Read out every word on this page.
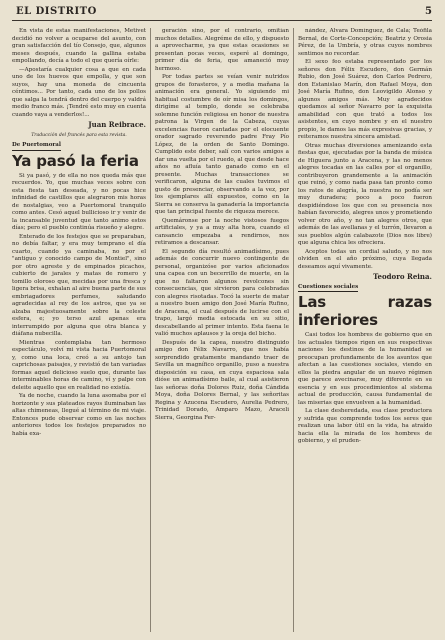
EL DISTRITO	5

En vista de estas manifestaciones, Metivet decidió no volver a ocuparse del asunto, con gran satisfacción del tío Consejo, que, algunos meses después, cuando la gallina estaba empollando, decía a todo el que quería oírle:

—Apostaría cualquier cosa a que en cada uno de los huevos que empolla, y que son suyos, hay una moneda de cincuenta céntimos... Por tanto, cada uno de los pollos que salga la tendrá dentro del cuerpo y valdrá medio franco más. ¡Tendré esto muy en cuenta cuando vaya a venderlos!...

Juan Reibrace.
Traducción del francés para esta revista.
De Puertomoral
Ya pasó la feria

Si ya pasó, y de ella no nos queda más que recuerdos. Yo, que muchas veces sobre con esta fiesta tan deseada, y no pocas hice infinidad de castillos que alegraron mis horas de nostalgias, veo a Puertomoral tranquilo como antes. Cesó aquel bullicioso ir y venir de la incansable juventud que tanto animo estos días; pero el pueblo continúa risueño y alegre.

Enterado de los festejos que se preparaban, no debía faltar, y era muy temprano el día cuarto, cuando ya caminaba, no por el "antiguo y conocido campo de Montiel", sino por otro agreste y de empinados picachos, cubierto de jarales y matas de romero y tomillo oloroso que, mecidas por una fresca y ligera brisa, exhalan al aire buena parte de sus embriagadores perfumes, saludando agradecidas al rey de los astros, que ya se alzaba majestuosamente sobre la celeste esfera, e; yo terso azul apenas era interrumpido por alguna que otra blanca y diáfana nubecilla.

Mientras contemplaba tan hermoso espectáculo, volví mi vista hacia Puertomoral y, como una loca, creó a su antojo tan caprichosas paisajes, y revistió de tan variadas formas aquel delicioso suelo que, durante las interminables horas de camino, ví y palpe con deleite aquello que en realidad no existía.

Ya de noche, cuando la luna asomaba por el horizonte y sus plateados rayos iluminaban las altas chimeneas, llegué al término de mi viaje. Entonces pude observar como en las noches anteriores todos los festejos preparados no había exa-

geración sino, por el contrario, omitían muchos detalles. Alegréme de ello, y dispuesto a aprovecharme, ya que estas ocasiones se presentan pocas veces, esperé al domingo, primer día de feria, que amaneció muy hermoso.

Por todas partes se veían venir nutridos grupos de forasteros, y a media mañana la animación era general. Yo siguiendo mi habitual costumbre de oír misa los domingos, dirigíme al templo, donde se celebraba solemne función religiosa en honor de nuestra patrona la Virgen de la Cabeza, cuyas excelencias fueron cantadas por el elocuente orador sagrado reverendo padre Fray Pío López, de la orden de Santo Domingo. Cumplido este deber, salí con varios amigos a dar una vuelta por el ruedo, al que desde hace años no afluía tanto ganado como en el presente. Muchas transacciones se verificaron, alguna de las cuales tuvimos el gusto de presenciar, observando a la vez, por los ejemplares allí expuestos, como en la Sierra se conserva la ganadería la importancia que tan principal fuente de riqueza merece.

Quemáronse por la noche vistosos fuegos artificiales, y ya a muy alta hora, cuando el cansancio empezaba a rendirnos, nos retiramos a descansar.

El segundo día resultó animadísimo, pues además de concurrir nuevo contingente de personal, organizóse por varios aficionados una capea con un becerrillo de muerte, en la que no faltaron algunos revolcones sin consecuencias, que sirvieron para celebradas con alegres risotadas. Tocó la suerte de matar a nuestro buen amigo don José María Rufino, de Aracena, el cual después de lucirse con el trapo, largó media estocada en su sitio, descabellando al primer intento. Esta faena le valió muchos aplausos y la oreja del bicho.

Después de la capea, nuestro distinguido amigo don Félix Navarro, que nos había sorprendido gratamente mandando traer de Sevilla un magnífico organillo, puso a nuestra disposición su casa, en cuya espaciosa sala dióse un animadísimo baile, al cual asistieron las señoras doña Dolores Ruiz, doña Cándida Moya, doña Dolores Bernal, y las señoritas Regina y Azucena Escudero, Aurelia Pedrero, Trinidad Dorado, Amparo Mazo, Araceli Sierra, Georgina Fer-

nández, Alvara Domínguez, de Cala; Teófila Bernal, de Corte-Concepción; Beatriz y Orosia Pérez, de la Umbría, y otras cuyos nombres sentimos no recordar.

El sexo feo estaba representado por los señores don Félix Escudero, don Germán Rubio, don José Suárez, don Carlos Pedrero, don Estanislao Marín, don Rafael Moya, don José María Rufino, don Leovigildo Alonso y algunos amigos más. Muy agradecidos quedamos al señor Navarro por la exquisita amabilidad con que trató a todos los asistentes, en cuyo nombre y en el nuestro propio, le damos las más expresivas gracias, y reiteramos nuestra sincera amistad.

Otras muchas diversiones amenizando esta fiestas que, ejecutadas por la banda de música de Higuera junto a Aracena, y las no menos alegres tocadas en las calles por el organillo, contribuyeron grandemente a la animación que reinó, y como nada pasa tan pronto como los ratos de alegría, la nuestra no podía ser muy duradera; poco a poco fueron despidiéndose los que con su presencia nos habían favorecido, alegres unos y prometiendo volver otro año, y no tan alegres otros, que además de las avellanas y el turrón, llevaron a sus pueblos algún calabazote (Dios nos libre) que alguna chica les ofreciera.

Aceptos todas un cordial saludo, y no nos olviden en el año próximo, cuya llegada deseamos aquí vivamente.

Teodoro Reina.
Cuestiones sociales
Las razas inferiores

Casi todos los hombres de gobierno que en los actuales tiempos rigen en sus respectivas naciones los destinos de la humanidad se preocupan profundamente de los asuntos que afectan a las cuestiones sociales, viendo en ellos la piedra angular de un nuevo régimen que parece avecinarse, muy diferente en su esencia y en sus procedimientos al sistema actual de producción, causa fundamental de las miserias que envuelven a la humanidad.

La clase desheredada, esa clase productora y sufrida que comprende todos los seres que realizan una labor útil en la vida, ha atraído hacia ella la mirada de los hombres de gobierno, y el pruden-
